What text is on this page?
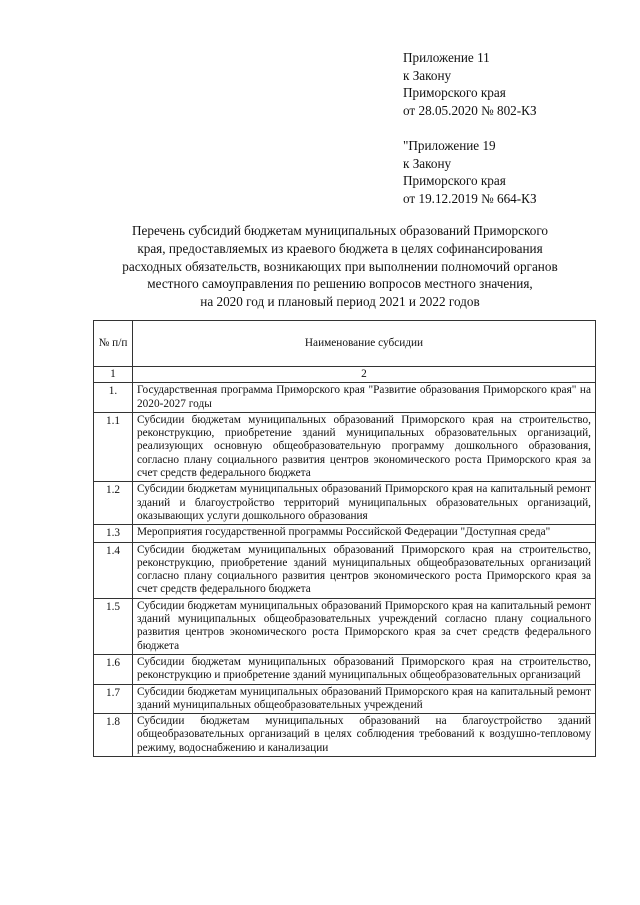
Приложение 11
к Закону
Приморского края
от 28.05.2020 № 802-КЗ
"Приложение 19
к Закону
Приморского края
от 19.12.2019 № 664-КЗ
Перечень субсидий бюджетам муниципальных образований Приморского
края, предоставляемых из краевого бюджета в целях софинансирования
расходных обязательств, возникающих при выполнении полномочий органов
местного самоуправления по решению вопросов местного значения,
на 2020 год и плановый период 2021 и 2022 годов
№ п/п	Наименование субсидии
1	2
1.	Государственная программа Приморского края "Развитие образования Приморского края" на 2020-2027 годы
1.1	Субсидии бюджетам муниципальных образований Приморского края на строительство, реконструкцию, приобретение зданий муниципальных образовательных организаций, реализующих основную общеобразовательную программу дошкольного образования, согласно плану социального развития центров экономического роста Приморского края за счет средств федерального бюджета
1.2	Субсидии бюджетам муниципальных образований Приморского края на капитальный ремонт зданий и благоустройство территорий муниципальных образовательных организаций, оказывающих услуги дошкольного образования
1.3	Мероприятия государственной программы Российской Федерации "Доступная среда"
1.4	Субсидии бюджетам муниципальных образований Приморского края на строительство, реконструкцию, приобретение зданий муниципальных общеобразовательных организаций согласно плану социального развития центров экономического роста Приморского края за счет средств федерального бюджета
1.5	Субсидии бюджетам муниципальных образований Приморского края на капитальный ремонт зданий муниципальных общеобразовательных учреждений согласно плану социального развития центров экономического роста Приморского края за счет средств федерального бюджета
1.6	Субсидии бюджетам муниципальных образований Приморского края на строительство, реконструкцию и приобретение зданий муниципальных общеобразовательных организаций
1.7	Субсидии бюджетам муниципальных образований Приморского края на капитальный ремонт зданий муниципальных общеобразовательных учреждений
1.8	Субсидии бюджетам муниципальных образований на благоустройство зданий общеобразовательных организаций в целях соблюдения требований к воздушно-тепловому режиму, водоснабжению и канализации
